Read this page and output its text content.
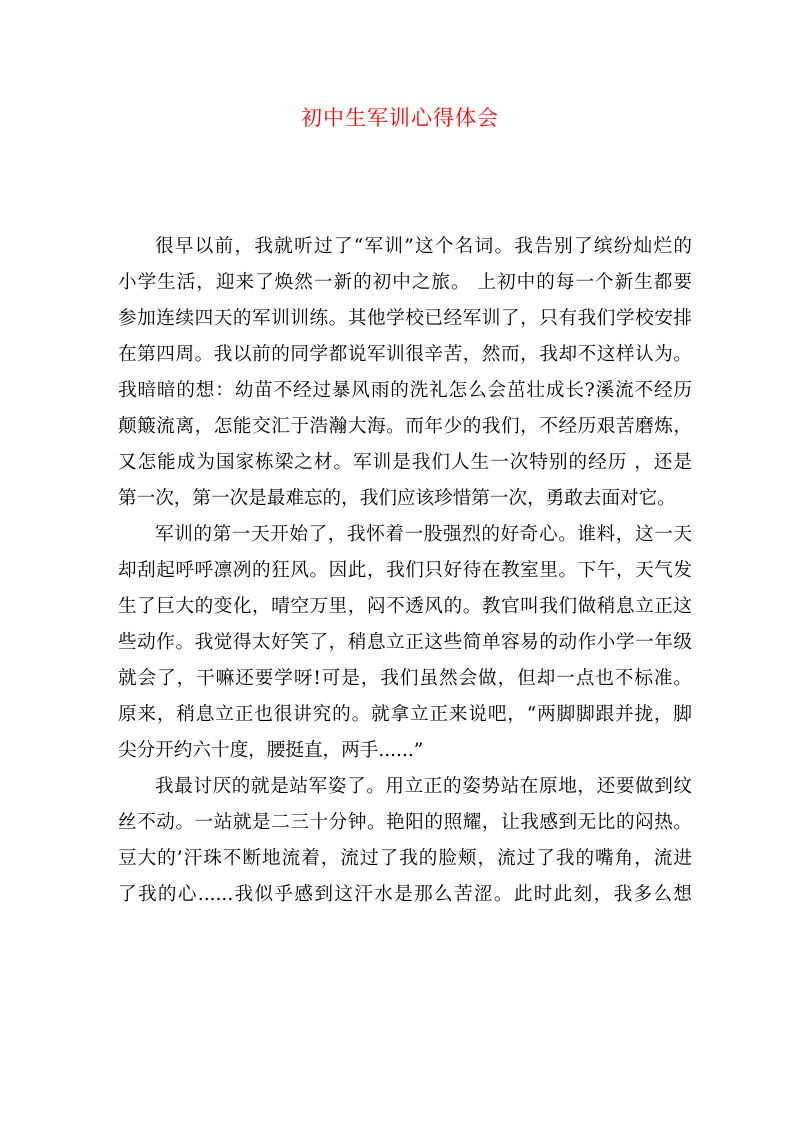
初中生军训心得体会
很早以前，我就听过了“军训”这个名词。我告别了缤纷灿烂的
小学生活，迎来了焕然一新的初中之旅。 上初中的每一个新生都要
参加连续四天的军训训练。其他学校已经军训了，只有我们学校安排
在第四周。我以前的同学都说军训很辛苦，然而，我却不这样认为。
我暗暗的想：幼苗不经过暴风雨的洗礼怎么会茁壮成长?溪流不经历
颠簸流离，怎能交汇于浩瀚大海。而年少的我们，不经历艰苦磨炼，
又怎能成为国家栋梁之材。军训是我们人生一次特别的经历 ，还是
第一次，第一次是最难忘的，我们应该珍惜第一次，勇敢去面对它。
军训的第一天开始了，我怀着一股强烈的好奇心。谁料，这一天
却刮起呼呼凛冽的狂风。因此，我们只好待在教室里。下午，天气发
生了巨大的变化，晴空万里，闷不透风的。教官叫我们做稍息立正这
些动作。我觉得太好笑了，稍息立正这些简单容易的动作小学一年级
就会了，干嘛还要学呀!可是，我们虽然会做，但却一点也不标准。
原来，稍息立正也很讲究的。就拿立正来说吧，“两脚脚跟并拢，脚
尖分开约六十度，腰挺直，两手......”
我最讨厌的就是站军姿了。用立正的姿势站在原地，还要做到纹
丝不动。一站就是二三十分钟。艳阳的照耀，让我感到无比的闷热。
豆大的’汗珠不断地流着，流过了我的脸颊，流过了我的嘴角，流进
了我的心......我似乎感到这汗水是那么苦涩。此时此刻，我多么想
